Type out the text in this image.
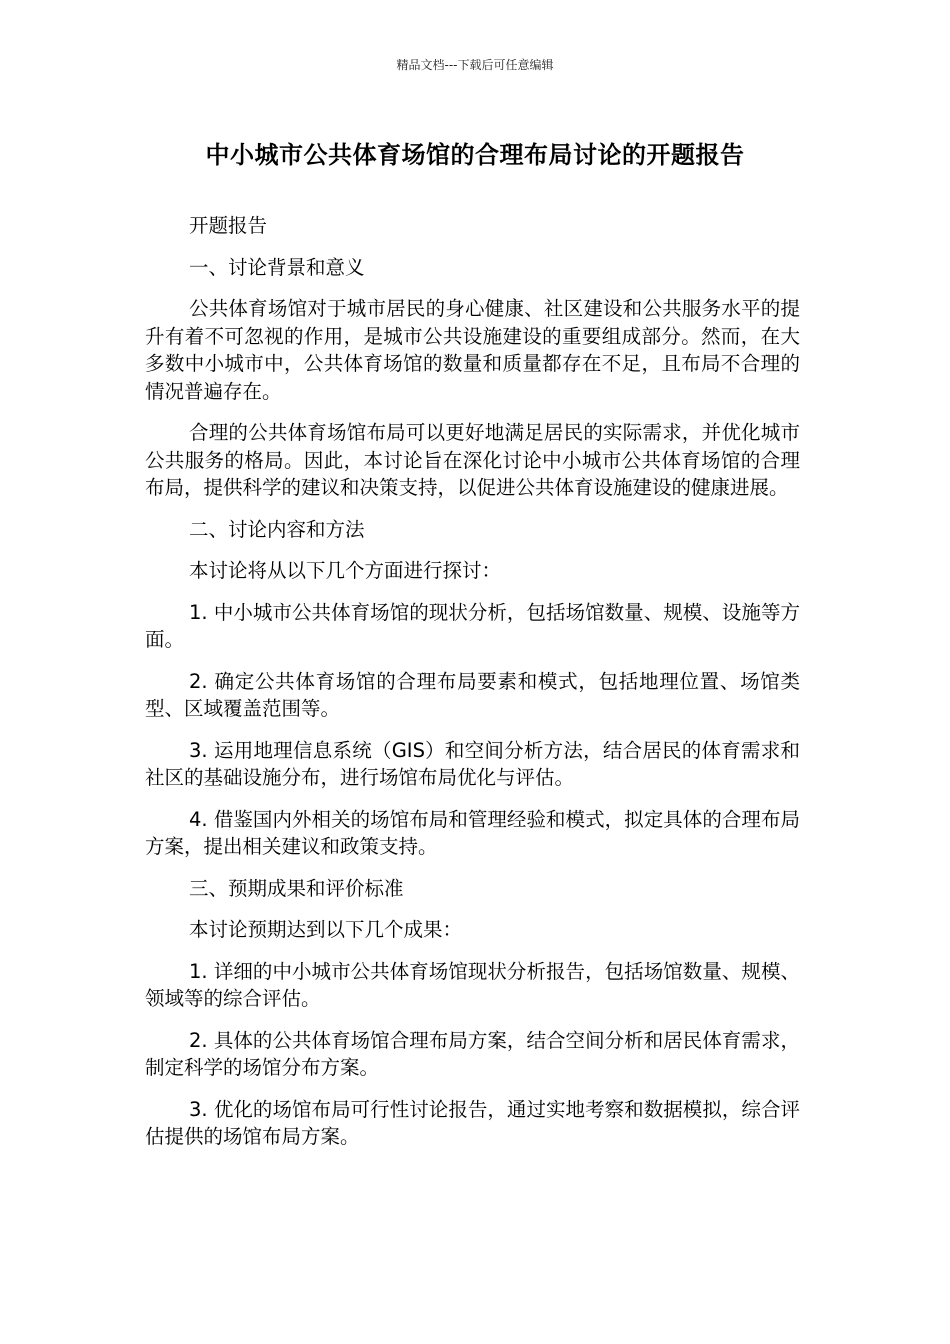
精品文档---下载后可任意编辑
中小城市公共体育场馆的合理布局讨论的开题报告

开题报告

一、讨论背景和意义

公共体育场馆对于城市居民的身心健康、社区建设和公共服务水平的提升有着不可忽视的作用，是城市公共设施建设的重要组成部分。然而，在大多数中小城市中，公共体育场馆的数量和质量都存在不足，且布局不合理的情况普遍存在。

合理的公共体育场馆布局可以更好地满足居民的实际需求，并优化城市公共服务的格局。因此，本讨论旨在深化讨论中小城市公共体育场馆的合理布局，提供科学的建议和决策支持，以促进公共体育设施建设的健康进展。

二、讨论内容和方法

本讨论将从以下几个方面进行探讨：

1. 中小城市公共体育场馆的现状分析，包括场馆数量、规模、设施等方面。

2. 确定公共体育场馆的合理布局要素和模式，包括地理位置、场馆类型、区域覆盖范围等。

3. 运用地理信息系统（GIS）和空间分析方法，结合居民的体育需求和社区的基础设施分布，进行场馆布局优化与评估。

4. 借鉴国内外相关的场馆布局和管理经验和模式，拟定具体的合理布局方案，提出相关建议和政策支持。

三、预期成果和评价标准

本讨论预期达到以下几个成果：

1. 详细的中小城市公共体育场馆现状分析报告，包括场馆数量、规模、领域等的综合评估。

2. 具体的公共体育场馆合理布局方案，结合空间分析和居民体育需求，制定科学的场馆分布方案。

3. 优化的场馆布局可行性讨论报告，通过实地考察和数据模拟，综合评估提供的场馆布局方案。
